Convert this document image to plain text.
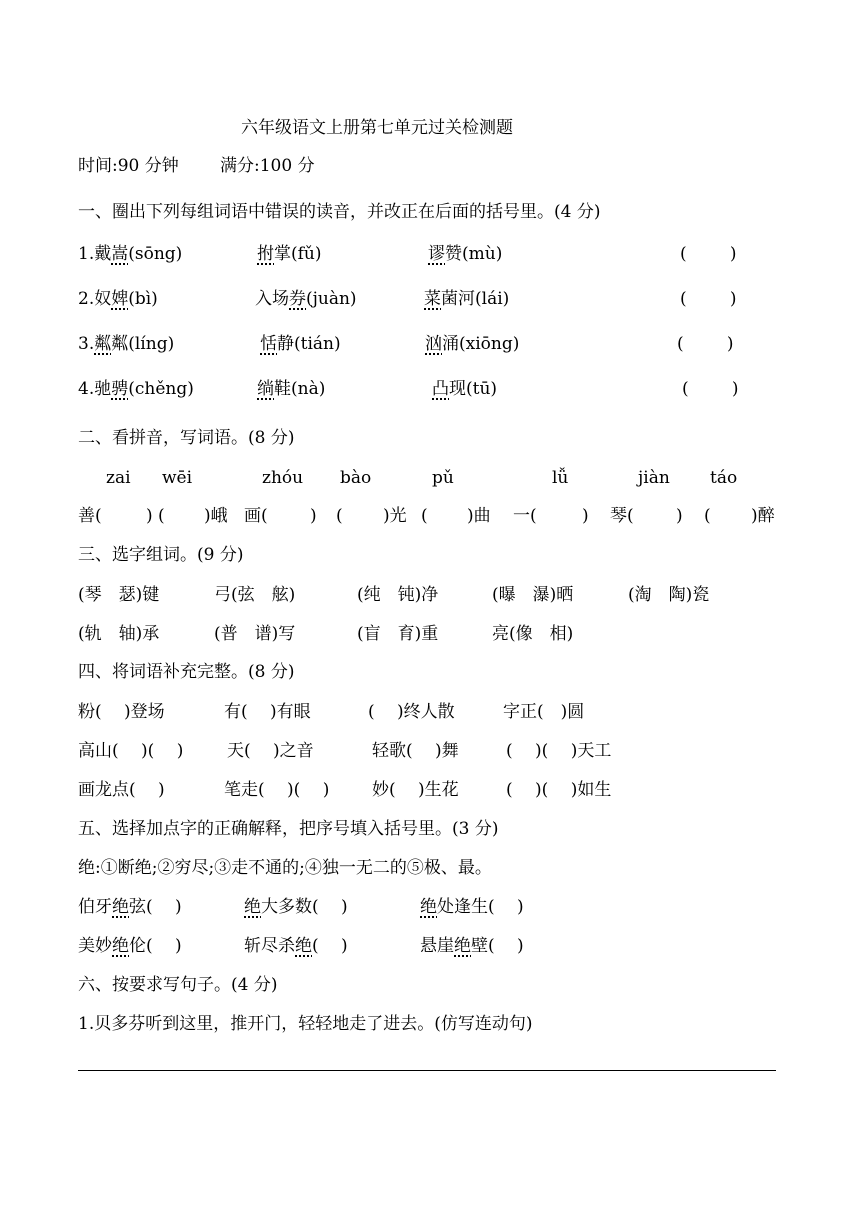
六年级语文上册第七单元过关检测题
时间:90 分钟 满分:100 分
一、圈出下列每组词语中错误的读音，并改正在后面的括号里。(4 分)
1.戴嵩(sōng)	拊掌(fǔ)	谬赞(mù)	(        )
2.奴婢(bì)	入场券(juàn)	菜菌河(lái)	(        )
3.粼粼(líng)	恬静(tián)	汹涌(xiōng)	(        )
4.驰骋(chěng)	绱鞋(nà)	凸现(tū)	(        )
二、看拼音，写词语。(8 分)
zai wēi	zhóu bào	pǔ	lǚ	jiàn táo
善(	) ( )峨 画( ) ( )光 ( )曲 一(	) 琴( ) ( )醉
三、选字组词。(9 分)
(琴　瑟)键	弓(弦　舷)	(纯　钝)净	(曝　瀑)晒	(淘　陶)瓷
(轨　轴)承	(普　谱)写	(盲　育)重	亮(像　相)
四、将词语补充完整。(8 分)
粉(　 )登场	有(　 )有眼	(　 )终人散	字正(　)圆
高山(　 )(　 )	天(　 )之音	轻歌(　 )舞	(　 )(　 )天工
画龙点(　 )	笔走(　 )(　 )	妙(　 )生花	(　 )(　 )如生
五、选择加点字的正确解释，把序号填入括号里。(3 分)
绝:①断绝;②穷尽;③走不通的;④独一无二的⑤极、最。
伯牙绝弦(　 )	绝大多数(　 )	绝处逢生(　 )
美妙绝伦(　 )	斩尽杀绝(　 )	悬崖绝壁(　 )
六、按要求写句子。(4 分)
1.贝多芬听到这里，推开门，轻轻地走了进去。(仿写连动句)
